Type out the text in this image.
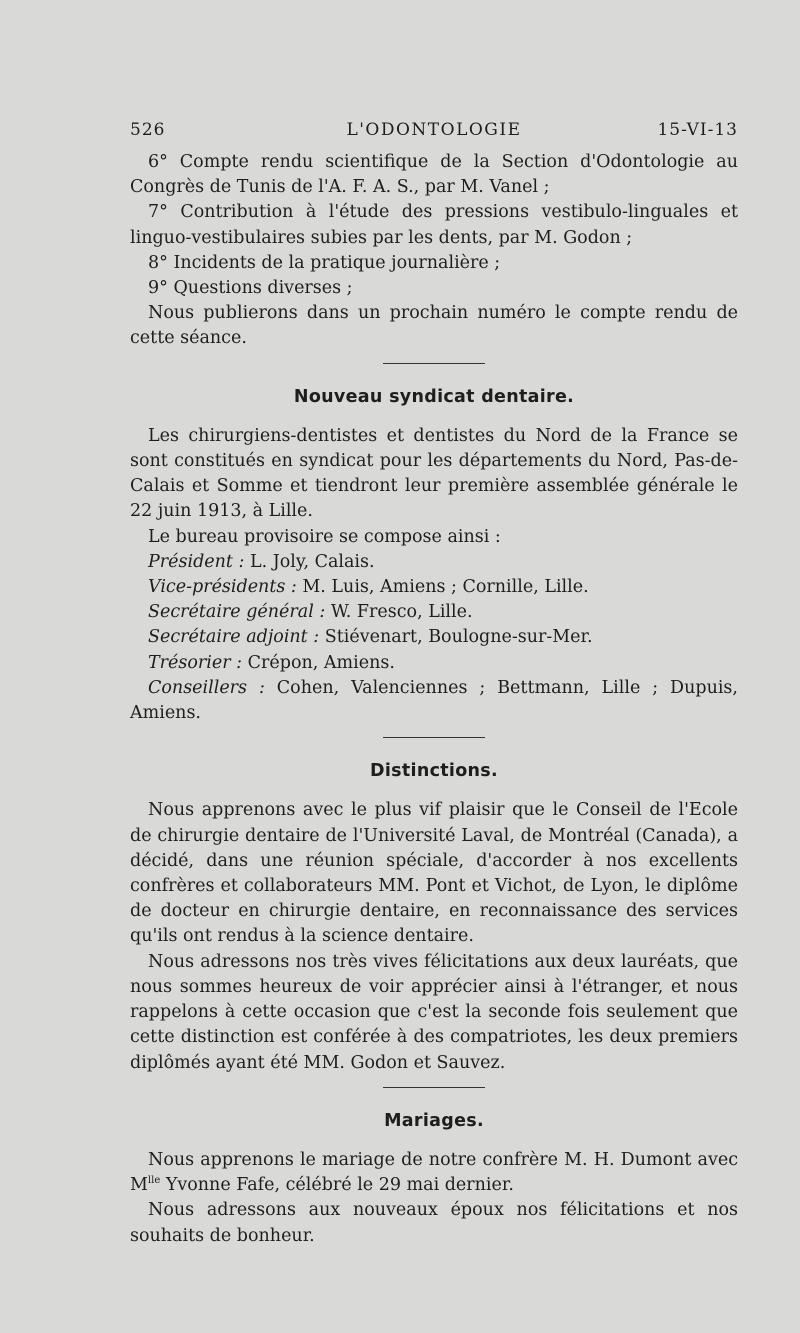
526	L'ODONTOLOGIE	15-VI-13

6° Compte rendu scientifique de la Section d'Odontologie au Congrès de Tunis de l'A. F. A. S., par M. Vanel ;

7° Contribution à l'étude des pressions vestibulo-linguales et linguo-vestibulaires subies par les dents, par M. Godon ;

8° Incidents de la pratique journalière ;

9° Questions diverses ;

Nous publierons dans un prochain numéro le compte rendu de cette séance.

Nouveau syndicat dentaire.

Les chirurgiens-dentistes et dentistes du Nord de la France se sont constitués en syndicat pour les départements du Nord, Pas-de-Calais et Somme et tiendront leur première assemblée générale le 22 juin 1913, à Lille.

Le bureau provisoire se compose ainsi :

Président : L. Joly, Calais.

Vice-présidents : M. Luis, Amiens ; Cornille, Lille.

Secrétaire général : W. Fresco, Lille.

Secrétaire adjoint : Stiévenart, Boulogne-sur-Mer.

Trésorier : Crépon, Amiens.

Conseillers : Cohen, Valenciennes ; Bettmann, Lille ; Dupuis, Amiens.

Distinctions.

Nous apprenons avec le plus vif plaisir que le Conseil de l'Ecole de chirurgie dentaire de l'Université Laval, de Montréal (Canada), a décidé, dans une réunion spéciale, d'accorder à nos excellents confrères et collaborateurs MM. Pont et Vichot, de Lyon, le diplôme de docteur en chirurgie dentaire, en reconnaissance des services qu'ils ont rendus à la science dentaire.

Nous adressons nos très vives félicitations aux deux lauréats, que nous sommes heureux de voir apprécier ainsi à l'étranger, et nous rappelons à cette occasion que c'est la seconde fois seulement que cette distinction est conférée à des compatriotes, les deux premiers diplômés ayant été MM. Godon et Sauvez.

Mariages.

Nous apprenons le mariage de notre confrère M. H. Dumont avec $M^{lle}$ Yvonne Fafe, célébré le 29 mai dernier.

Nous adressons aux nouveaux époux nos félicitations et nos souhaits de bonheur.
